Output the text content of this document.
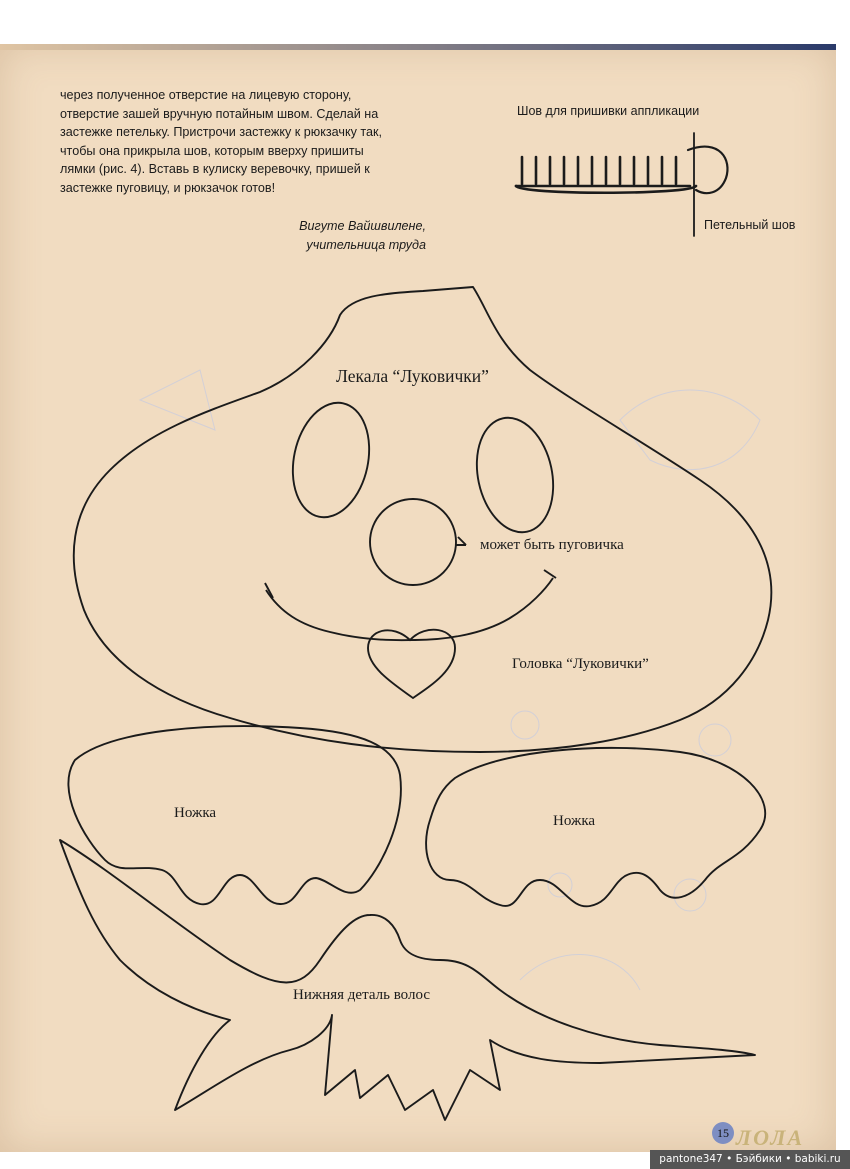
через полученное отверстие на лицевую сторону,
отверстие зашей вручную потайным швом. Сделай на
застежке петельку. Пристрочи застежку к рюкзачку так,
чтобы она прикрыла шов, которым вверху пришиты
лямки (рис. 4). Вставь в кулиску веревочку, пришей к
застежке пуговицу, и рюкзачок готов!
Вигуте Вайшвилене,
учительница труда
Шов для пришивки аппликации
Петельный шов
Лекала “Луковички”
может быть пуговичка
Головка “Луковички”
Ножка	Ножка
Нижняя деталь волос
15 ЛОЛА
pantone347 • Бэйбики • babiki.ru
